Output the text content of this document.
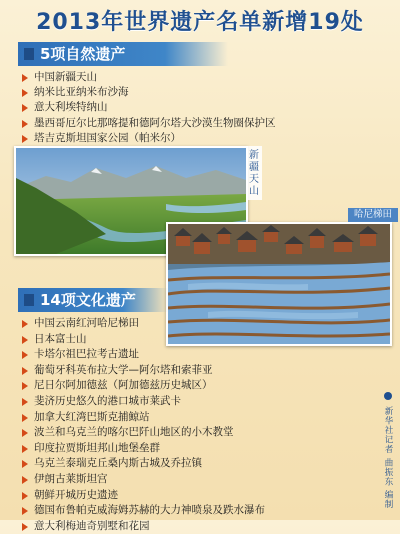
2013年世界遗产名单新增19处
5项自然遗产
中国新疆天山
纳米比亚纳米布沙海
意大利埃特纳山
墨西哥厄尔比那喀提和德阿尔塔大沙漠生物圈保护区
塔吉克斯坦国家公园（帕米尔）
新
疆
天
山
哈尼梯田
14项文化遗产
中国云南红河哈尼梯田
日本富士山
卡塔尔祖巴拉考古遗址
葡萄牙科英布拉大学—阿尔塔和索菲亚
尼日尔阿加德兹（阿加德兹历史城区）
斐济历史悠久的港口城市莱武卡
加拿大红湾巴斯克捕鲸站
波兰和乌克兰的喀尔巴阡山地区的小木教堂
印度拉贾斯坦邦山地堡垒群
乌克兰泰瑞克丘桑内斯古城及乔拉镇
伊朗古莱斯坦宫
朝鲜开城历史遗迹
德国布鲁帕克威海姆苏赫的大力神喷泉及跌水瀑布
意大利梅迪奇别墅和花园
新华社记者 曲振东 编制
